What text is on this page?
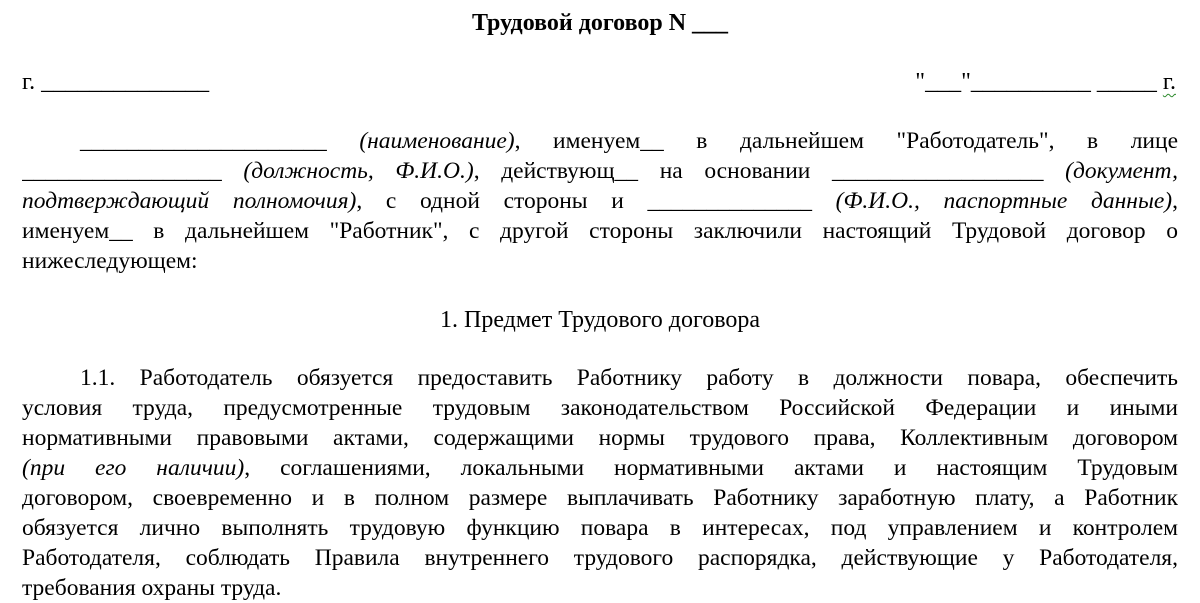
Трудовой договор N ___
г. ______________	"___"__________ _____ г.
_____________________ (наименование), именуем__ в дальнейшем "Работодатель", в лице
_________________ (должность, Ф.И.О.), действующ__ на основании __________________ (документ,
подтверждающий полномочия), с одной стороны и ______________ (Ф.И.О., паспортные данные),
именуем__ в дальнейшем "Работник", с другой стороны заключили настоящий Трудовой договор о
нижеследующем:
1. Предмет Трудового договора
1.1. Работодатель обязуется предоставить Работнику работу в должности повара, обеспечить
условия труда, предусмотренные трудовым законодательством Российской Федерации и иными
нормативными правовыми актами, содержащими нормы трудового права, Коллективным договором
(при его наличии), соглашениями, локальными нормативными актами и настоящим Трудовым
договором, своевременно и в полном размере выплачивать Работнику заработную плату, а Работник
обязуется лично выполнять трудовую функцию повара в интересах, под управлением и контролем
Работодателя, соблюдать Правила внутреннего трудового распорядка, действующие у Работодателя,
требования охраны труда.
